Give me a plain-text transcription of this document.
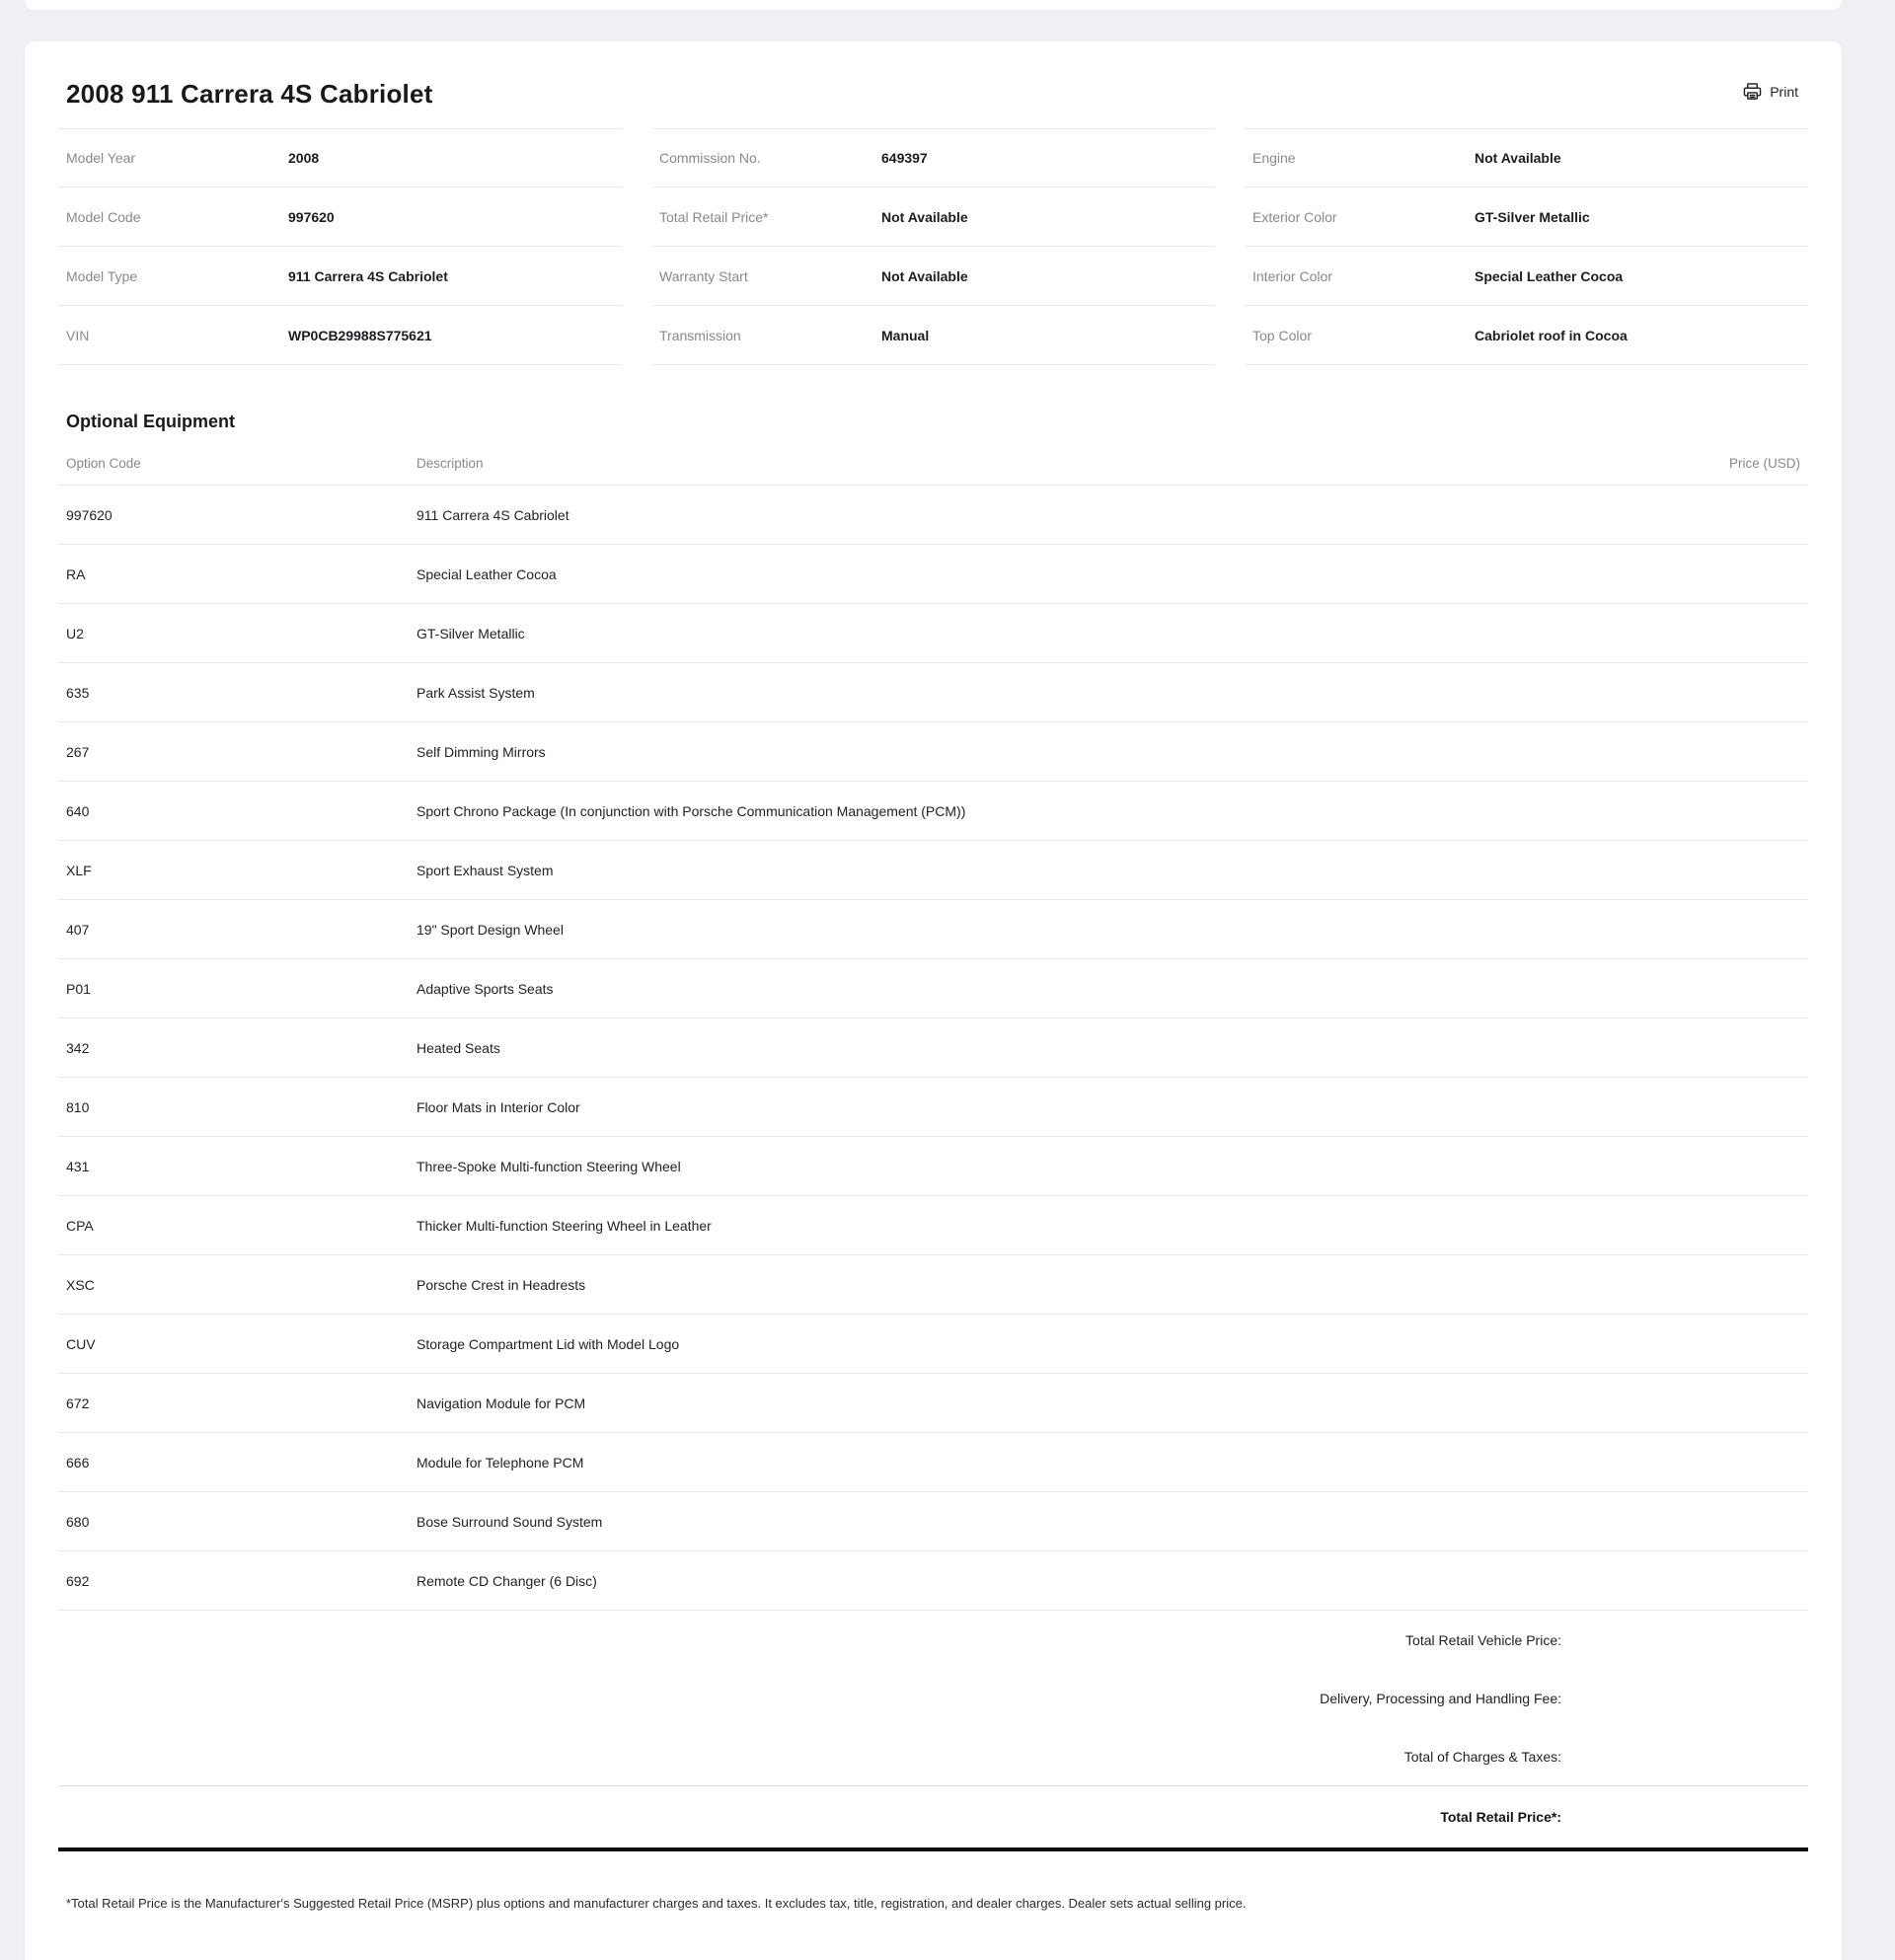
2008 911 Carrera 4S Cabriolet	Print
Model Year	2008
Model Code	997620
Model Type	911 Carrera 4S Cabriolet
VIN	WP0CB29988S775621
Commission No.	649397
Total Retail Price*	Not Available
Warranty Start	Not Available
Transmission	Manual
Engine	Not Available
Exterior Color	GT-Silver Metallic
Interior Color	Special Leather Cocoa
Top Color	Cabriolet roof in Cocoa
Optional Equipment
Option Code	Description	Price (USD)
997620	911 Carrera 4S Cabriolet
RA	Special Leather Cocoa
U2	GT-Silver Metallic
635	Park Assist System
267	Self Dimming Mirrors
640	Sport Chrono Package (In conjunction with Porsche Communication Management (PCM))
XLF	Sport Exhaust System
407	19" Sport Design Wheel
P01	Adaptive Sports Seats
342	Heated Seats
810	Floor Mats in Interior Color
431	Three-Spoke Multi-function Steering Wheel
CPA	Thicker Multi-function Steering Wheel in Leather
XSC	Porsche Crest in Headrests
CUV	Storage Compartment Lid with Model Logo
672	Navigation Module for PCM
666	Module for Telephone PCM
680	Bose Surround Sound System
692	Remote CD Changer (6 Disc)
Total Retail Vehicle Price:
Delivery, Processing and Handling Fee:
Total of Charges & Taxes:
Total Retail Price*:

*Total Retail Price is the Manufacturer's Suggested Retail Price (MSRP) plus options and manufacturer charges and taxes. It excludes tax, title, registration, and dealer charges. Dealer sets actual selling price.
